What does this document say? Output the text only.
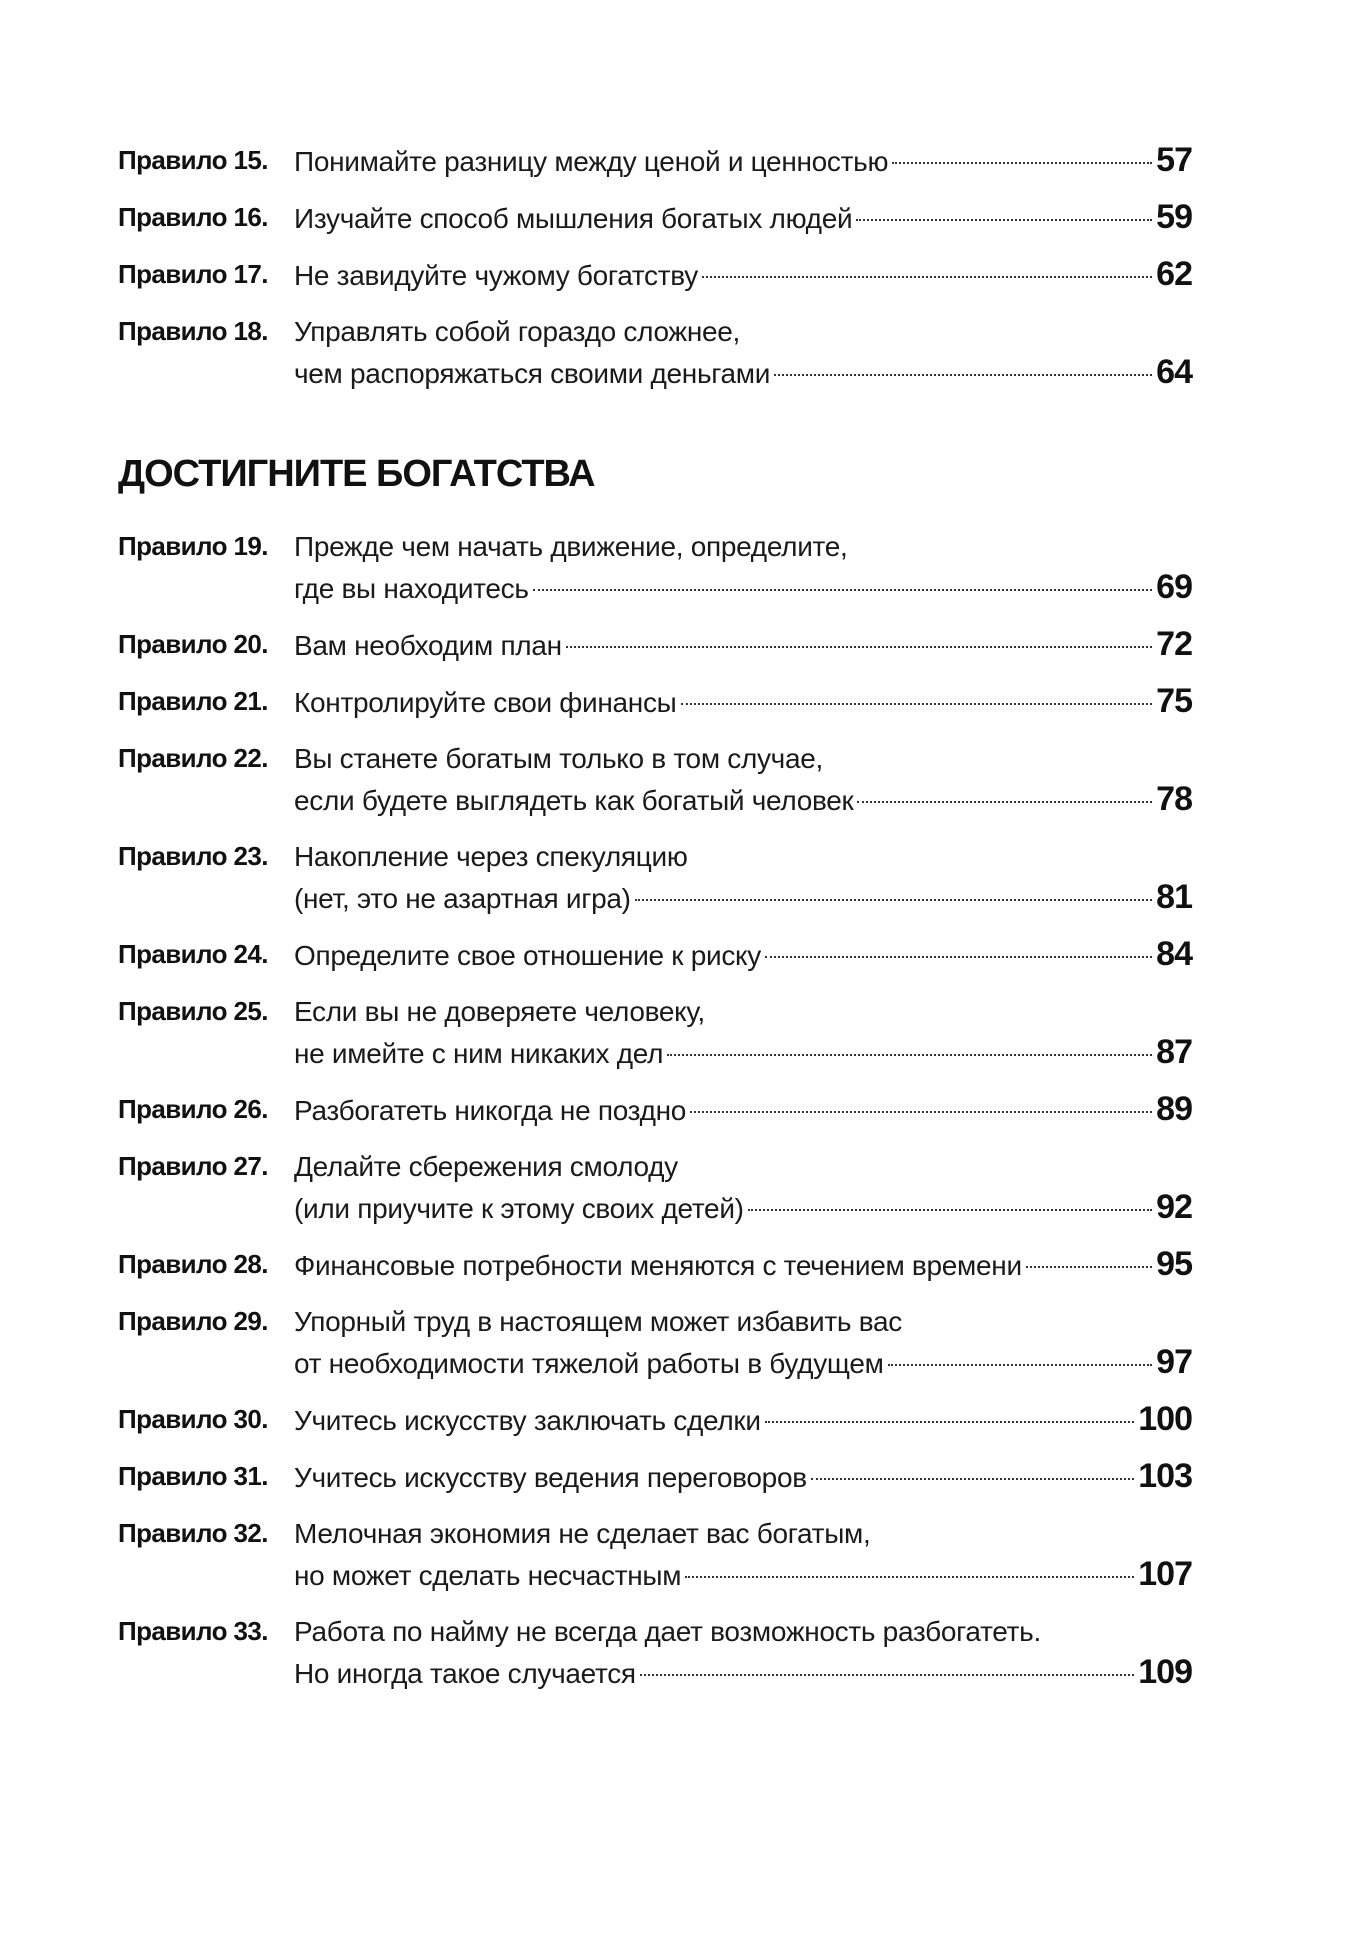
Правило 15. Понимайте разницу между ценой и ценностью	57
Правило 16. Изучайте способ мышления богатых людей	59
Правило 17. Не завидуйте чужому богатству	62
Правило 18. Управлять собой гораздо сложнее,
чем распоряжаться своими деньгами	64
ДОСТИГНИТЕ БОГАТСТВА
Правило 19. Прежде чем начать движение, определите,
где вы находитесь	69
Правило 20. Вам необходим план	72
Правило 21. Контролируйте свои финансы	75
Правило 22. Вы станете богатым только в том случае,
если будете выглядеть как богатый человек	78
Правило 23. Накопление через спекуляцию
(нет, это не азартная игра)	81
Правило 24. Определите свое отношение к риску	84
Правило 25. Если вы не доверяете человеку,
не имейте с ним никаких дел	87
Правило 26. Разбогатеть никогда не поздно	89
Правило 27. Делайте сбережения смолоду
(или приучите к этому своих детей)	92
Правило 28. Финансовые потребности меняются с течением времени	95
Правило 29. Упорный труд в настоящем может избавить вас
от необходимости тяжелой работы в будущем	97
Правило 30. Учитесь искусству заключать сделки	100
Правило 31. Учитесь искусству ведения переговоров	103
Правило 32. Мелочная экономия не сделает вас богатым,
но может сделать несчастным	107
Правило 33. Работа по найму не всегда дает возможность разбогатеть.
Но иногда такое случается	109
